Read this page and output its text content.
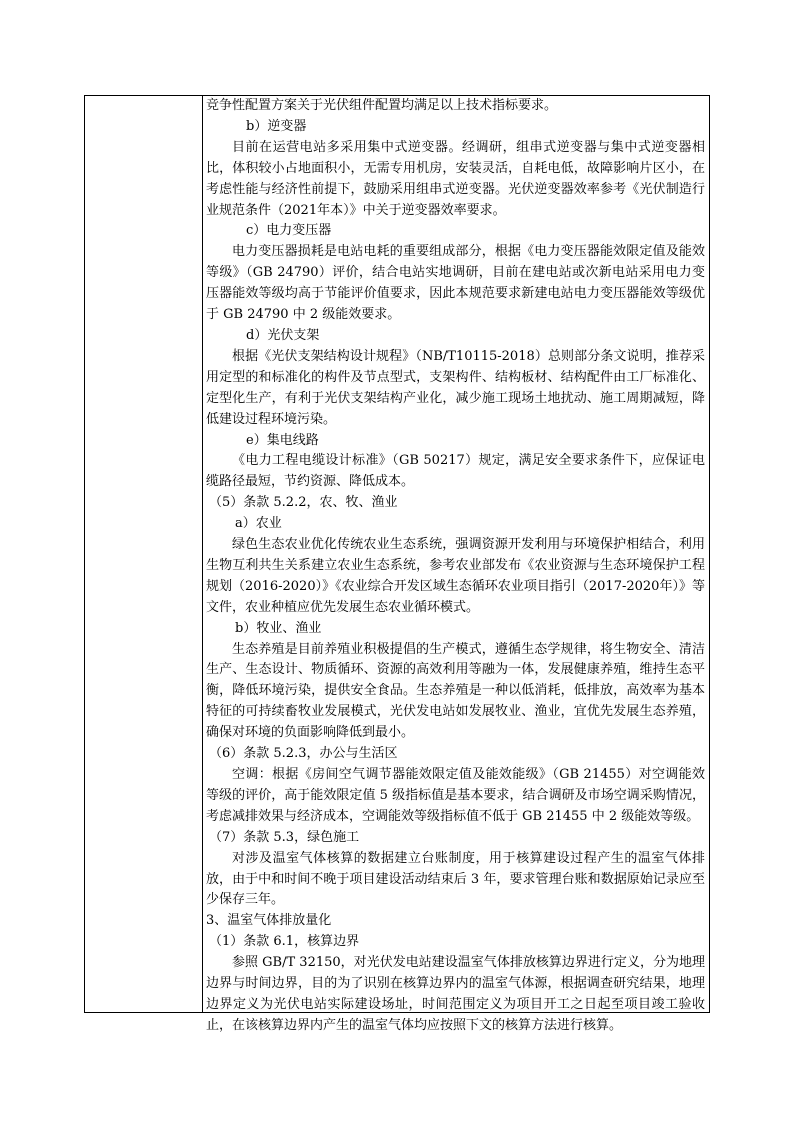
竞争性配置方案关于光伏组件配置均满足以上技术指标要求。

b）逆变器

目前在运营电站多采用集中式逆变器。经调研，组串式逆变器与集中式逆变器相比，体积较小占地面积小，无需专用机房，安装灵活，自耗电低，故障影响片区小，在考虑性能与经济性前提下，鼓励采用组串式逆变器。光伏逆变器效率参考《光伏制造行业规范条件（2021年本）》中关于逆变器效率要求。

c）电力变压器

电力变压器损耗是电站电耗的重要组成部分，根据《电力变压器能效限定值及能效等级》（GB 24790）评价，结合电站实地调研，目前在建电站或次新电站采用电力变压器能效等级均高于节能评价值要求，因此本规范要求新建电站电力变压器能效等级优于 GB 24790 中 2 级能效要求。

d）光伏支架

根据《光伏支架结构设计规程》（NB/T10115-2018）总则部分条文说明，推荐采用定型的和标准化的构件及节点型式，支架构件、结构板材、结构配件由工厂标准化、定型化生产，有利于光伏支架结构产业化，减少施工现场土地扰动、施工周期减短，降低建设过程环境污染。

e）集电线路

《电力工程电缆设计标准》（GB 50217）规定，满足安全要求条件下，应保证电缆路径最短，节约资源、降低成本。

（5）条款 5.2.2，农、牧、渔业

a）农业

绿色生态农业优化传统农业生态系统，强调资源开发利用与环境保护相结合，利用生物互利共生关系建立农业生态系统，参考农业部发布《农业资源与生态环境保护工程规划（2016-2020）》《农业综合开发区域生态循环农业项目指引（2017-2020年）》等文件，农业种植应优先发展生态农业循环模式。

b）牧业、渔业

生态养殖是目前养殖业积极提倡的生产模式，遵循生态学规律，将生物安全、清洁生产、生态设计、物质循环、资源的高效利用等融为一体，发展健康养殖，维持生态平衡，降低环境污染，提供安全食品。生态养殖是一种以低消耗，低排放，高效率为基本特征的可持续畜牧业发展模式，光伏发电站如发展牧业、渔业，宜优先发展生态养殖，确保对环境的负面影响降低到最小。

（6）条款 5.2.3，办公与生活区

空调：根据《房间空气调节器能效限定值及能效能级》（GB 21455）对空调能效等级的评价，高于能效限定值 5 级指标值是基本要求，结合调研及市场空调采购情况，考虑减排效果与经济成本，空调能效等级指标值不低于 GB 21455 中 2 级能效等级。

（7）条款 5.3，绿色施工

对涉及温室气体核算的数据建立台账制度，用于核算建设过程产生的温室气体排放，由于中和时间不晚于项目建设活动结束后 3 年，要求管理台账和数据原始记录应至少保存三年。

3、温室气体排放量化

（1）条款 6.1，核算边界

参照 GB/T 32150，对光伏发电站建设温室气体排放核算边界进行定义，分为地理边界与时间边界，目的为了识别在核算边界内的温室气体源，根据调查研究结果，地理边界定义为光伏电站实际建设场址，时间范围定义为项目开工之日起至项目竣工验收止，在该核算边界内产生的温室气体均应按照下文的核算方法进行核算。
